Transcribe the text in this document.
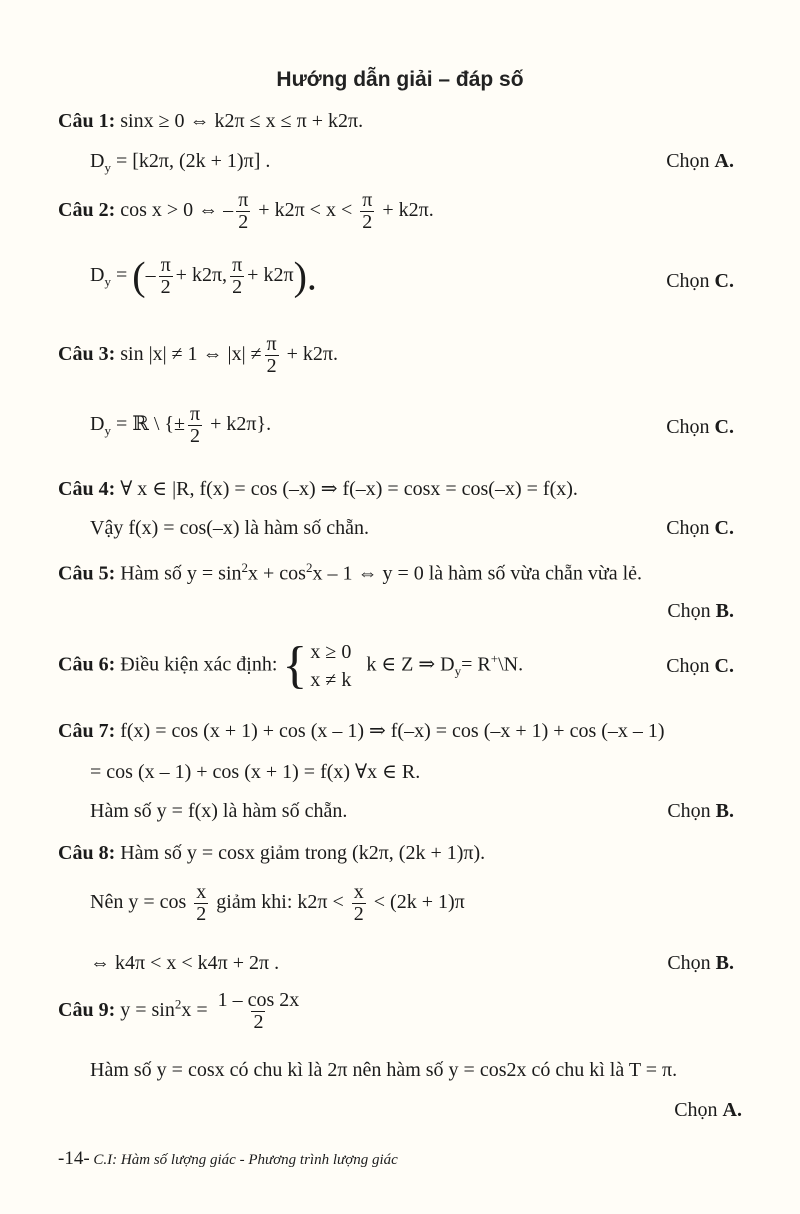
Hướng dẫn giải – đáp số
Câu 1: sinx ≥ 0 ⇔ k2π ≤ x ≤ π + k2π.
$D_y = [k2\pi$, (2k + 1)π] .	Chọn A.
Câu 2: cos x > 0 ⇔ – $\frac{\pi}{2} + k2\pi < x < \frac{\pi}{2} + k2\pi$.
$D_y$ = (– $\frac{\pi}{2} + k2\pi$, $\frac{\pi}{2} + k2\pi$).	Chọn C.
Câu 3: sin |x| ≠ 1 ⇔ $|x| \ne \frac{\pi}{2} + k2\pi$.
$D_y$ = ℝ \ {± $\frac{\pi}{2} + k2\pi$}.	Chọn C.
Câu 4: ∀ x ∈ |R, f(x) = cos (–x) ⇒ f(–x) = cosx = cos(–x) = f(x).
Vậy f(x) = cos(–x) là hàm số chẵn.	Chọn C.
Câu 5: Hàm số $y = \sin^2x + \cos^2x - 1$ ⇔ y = 0 là hàm số vừa chẵn vừa lẻ.
Chọn B.
Câu 6: Điều kiện xác định: { x ≥ 0
x ≠ k
k ∈ Z ⇒ $D_y=$ R+\N.	Chọn C.
Câu 7: f(x) = cos (x + 1) + cos (x – 1) ⇒ f(–x) = cos (–x + 1) + cos (–x – 1)
= cos (x – 1) + cos (x + 1) = f(x) ∀x ∈ R.
Hàm số y = f(x) là hàm số chẵn.	Chọn B.
Câu 8: Hàm số y = cosx giảm trong (k2π, (2k + 1)π).
Nên $y = \cos \frac{x}{2}$ giảm khi: $k2\pi < \frac{x}{2} < (2k + 1)\pi$
⇔ k4π < x < k4π + 2π .	Chọn B.
Câu 9: $y = \sin^2x = \frac{1 - \cos 2x}{2}$
Hàm số y = cosx có chu kì là 2π nên hàm số y = cos2x có chu kì là T = π.
Chọn A.
-14- C.I: Hàm số lượng giác - Phương trình lượng giác
